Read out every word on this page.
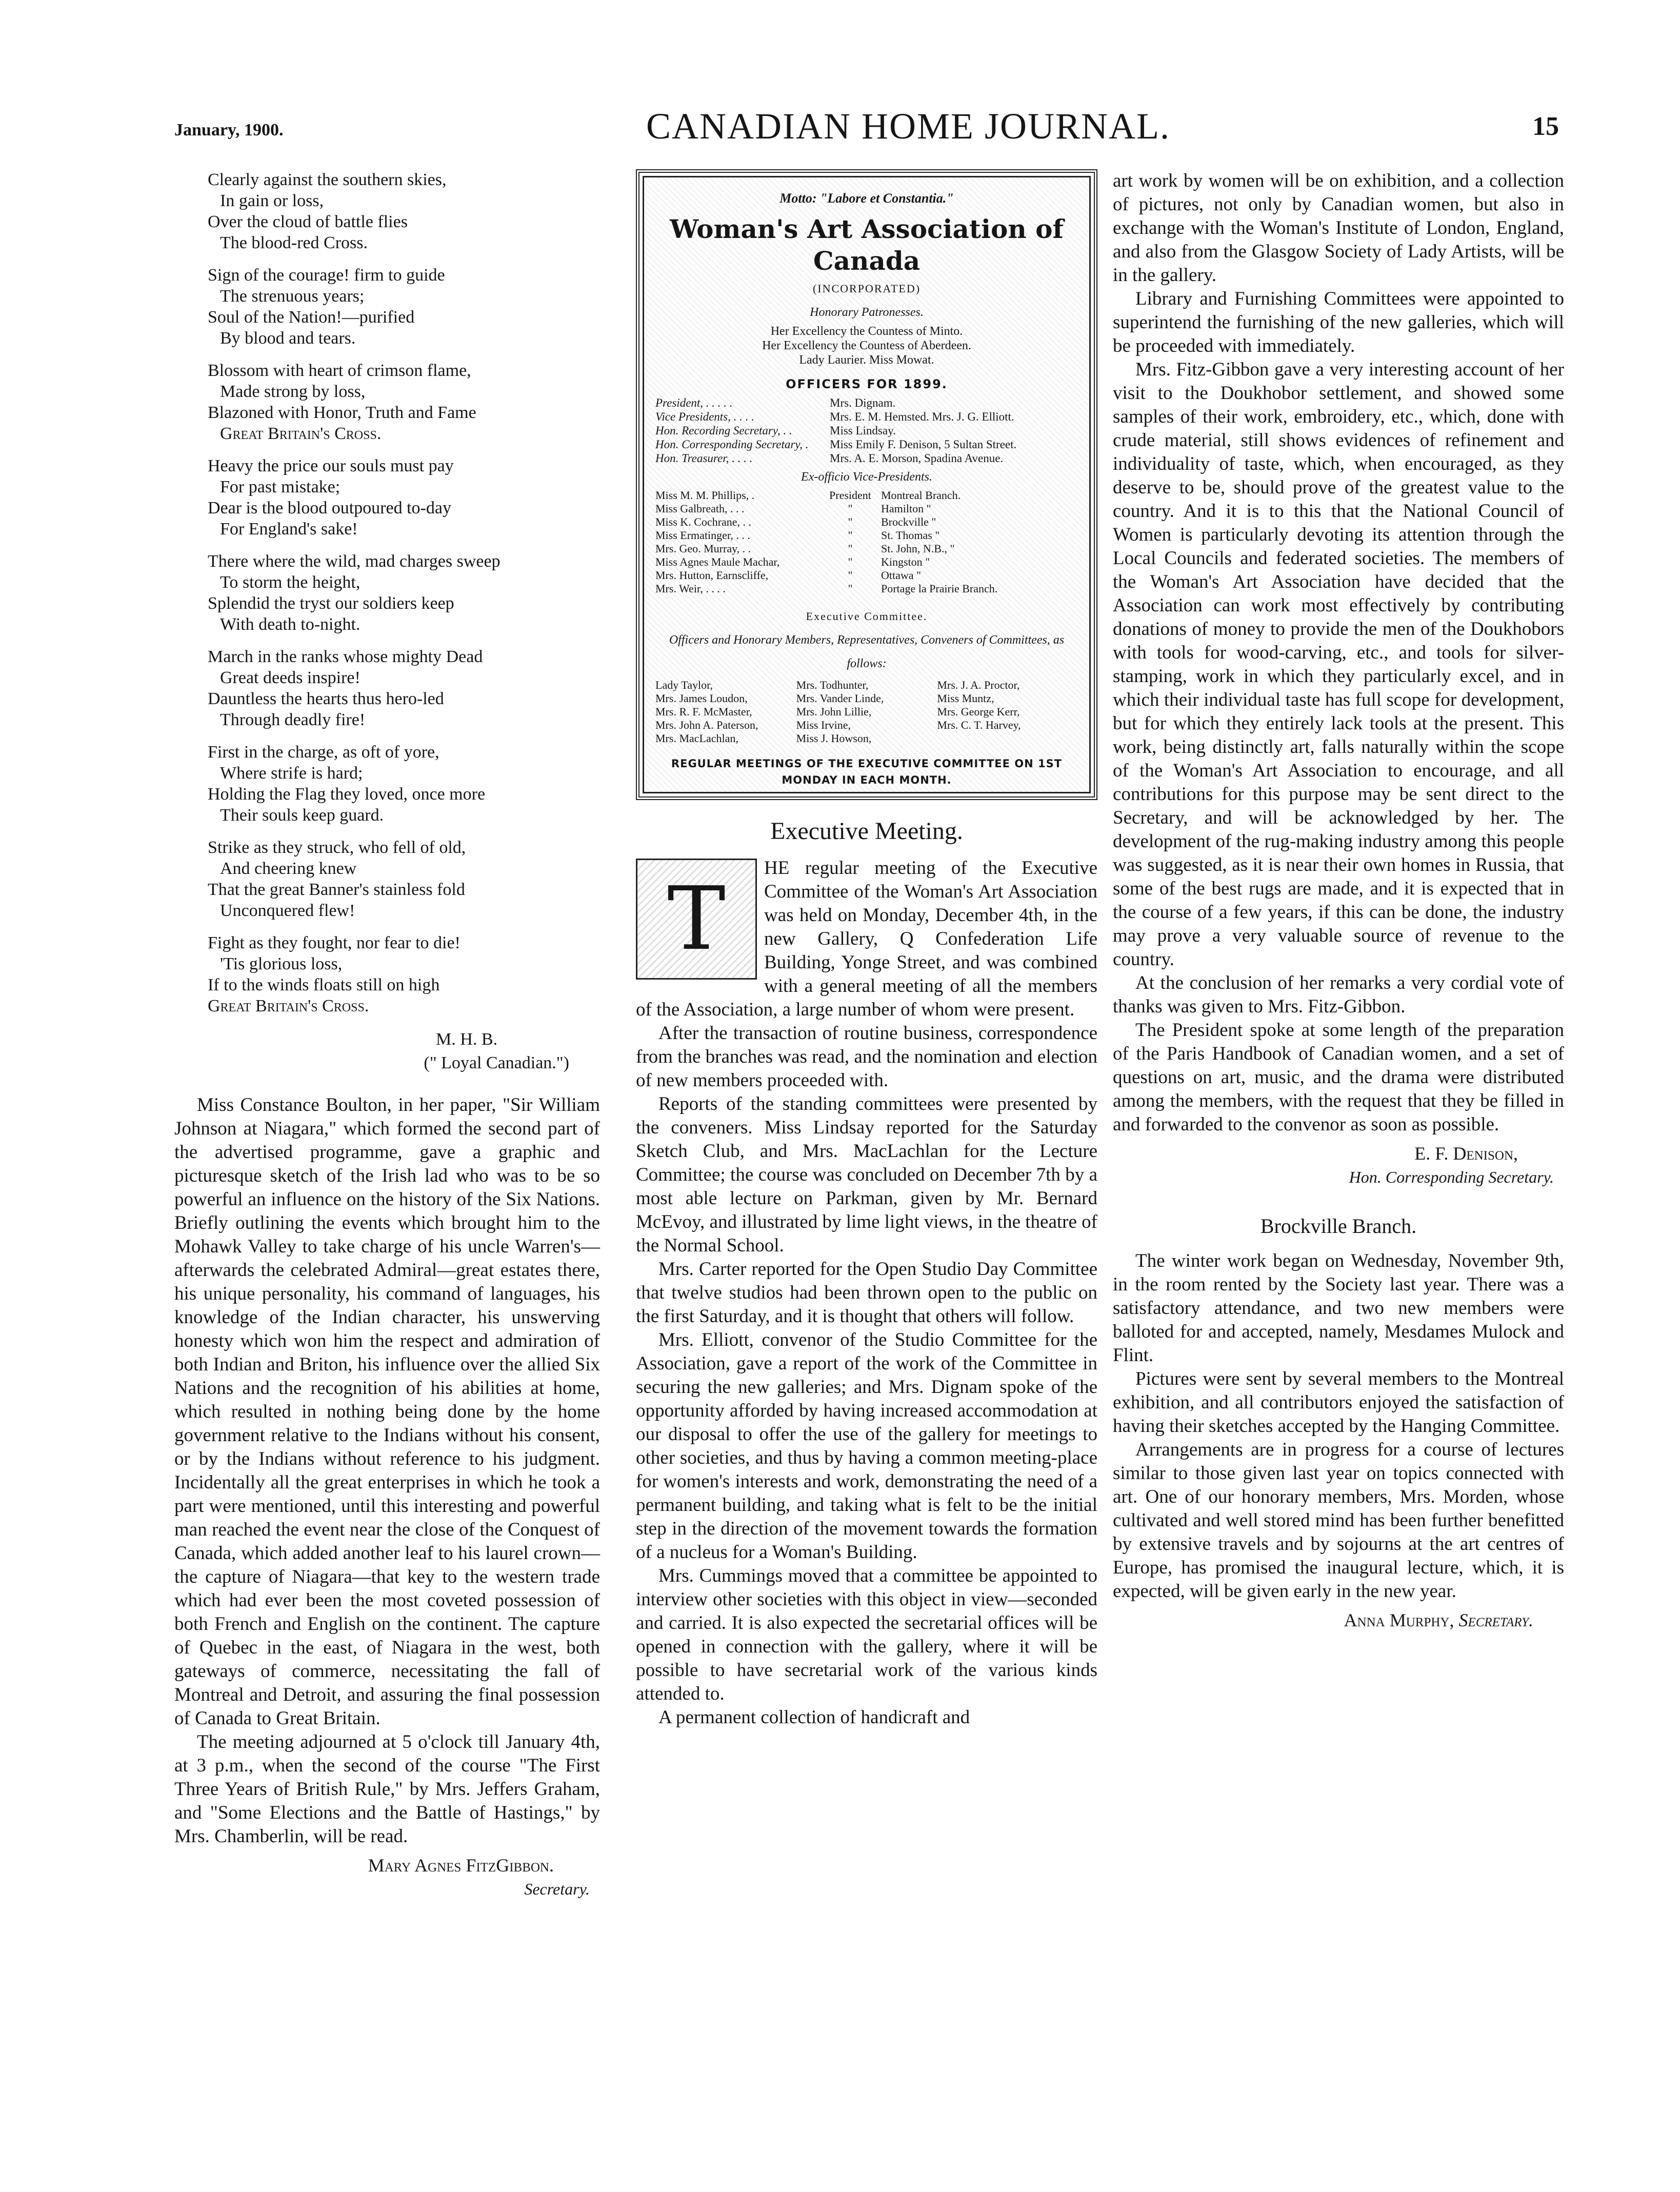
January, 1900.	CANADIAN HOME JOURNAL.	15
Clearly against the southern skies,
In gain or loss,
Over the cloud of battle flies
The blood-red Cross.
Sign of the courage! firm to guide
The strenuous years;
Soul of the Nation!—purified
By blood and tears.
Blossom with heart of crimson flame,
Made strong by loss,
Blazoned with Honor, Truth and Fame
Great Britain's Cross.
Heavy the price our souls must pay
For past mistake;
Dear is the blood outpoured to-day
For England's sake!
There where the wild, mad charges sweep
To storm the height,
Splendid the tryst our soldiers keep
With death to-night.
March in the ranks whose mighty Dead
Great deeds inspire!
Dauntless the hearts thus hero-led
Through deadly fire!
First in the charge, as oft of yore,
Where strife is hard;
Holding the Flag they loved, once more
Their souls keep guard.
Strike as they struck, who fell of old,
And cheering knew
That the great Banner's stainless fold
Unconquered flew!
Fight as they fought, nor fear to die!
'Tis glorious loss,
If to the winds floats still on high
Great Britain's Cross.
M. H. B.
(" Loyal Canadian.")

Miss Constance Boulton, in her paper, "Sir William Johnson at Niagara," which formed the second part of the advertised programme, gave a graphic and picturesque sketch of the Irish lad who was to be so powerful an influence on the history of the Six Nations. Briefly outlining the events which brought him to the Mohawk Valley to take charge of his uncle Warren's—afterwards the celebrated Admiral—great estates there, his unique personality, his command of languages, his knowledge of the Indian character, his unswerving honesty which won him the respect and admiration of both Indian and Briton, his influence over the allied Six Nations and the recognition of his abilities at home, which resulted in nothing being done by the home government relative to the Indians without his consent, or by the Indians without reference to his judgment. Incidentally all the great enterprises in which he took a part were mentioned, until this interesting and powerful man reached the event near the close of the Conquest of Canada, which added another leaf to his laurel crown—the capture of Niagara—that key to the western trade which had ever been the most coveted possession of both French and English on the continent. The capture of Quebec in the east, of Niagara in the west, both gateways of commerce, necessitating the fall of Montreal and Detroit, and assuring the final possession of Canada to Great Britain.

The meeting adjourned at 5 o'clock till January 4th, at 3 p.m., when the second of the course "The First Three Years of British Rule," by Mrs. Jeffers Graham, and "Some Elections and the Battle of Hastings," by Mrs. Chamberlin, will be read.

Mary Agnes FitzGibbon.
Secretary.
Motto: "Labore et Constantia."
Woman's Art Association of Canada
(INCORPORATED)
Honorary Patronesses.
Her Excellency the Countess of Minto.
Her Excellency the Countess of Aberdeen.
Lady Laurier. Miss Mowat.
OFFICERS FOR 1899.
President, . . . . .	Mrs. Dignam.
Vice Presidents, . . . .	Mrs. E. M. Hemsted. Mrs. J. G. Elliott.
Hon. Recording Secretary, . .	Miss Lindsay.
Hon. Corresponding Secretary, .	Miss Emily F. Denison, 5 Sultan Street.
Hon. Treasurer, . . . .	Mrs. A. E. Morson, Spadina Avenue.
Ex-officio Vice-Presidents.
Miss M. M. Phillips, .	President Montreal Branch.
Miss Galbreath, . . .	"	Hamilton "
Miss K. Cochrane, . .	"	Brockville "
Miss Ermatinger, . . .	"	St. Thomas "
Mrs. Geo. Murray, . .	"	St. John, N.B., "
Miss Agnes Maule Machar,	"	Kingston "
Mrs. Hutton, Earnscliffe,	"	Ottawa "
Mrs. Weir, . . . .	"	Portage la Prairie Branch.
Executive Committee.
Officers and Honorary Members, Representatives, Conveners of Committees, as follows:
Lady Taylor,	Mrs. Todhunter,	Mrs. J. A. Proctor,
Mrs. James Loudon,	Mrs. Vander Linde,	Miss Muntz,
Mrs. R. F. McMaster,	Mrs. John Lillie,	Mrs. George Kerr,
Mrs. John A. Paterson,	Miss Irvine,	Mrs. C. T. Harvey,
Mrs. MacLachlan,	Miss J. Howson,
REGULAR MEETINGS OF THE EXECUTIVE COMMITTEE ON 1ST MONDAY IN EACH MONTH.
Executive Meeting.
T

HE regular meeting of the Executive Committee of the Woman's Art Association was held on Monday, December 4th, in the new Gallery, Q Confederation Life Building, Yonge Street, and was combined with a general meeting of all the members of the Association, a large number of whom were present.

After the transaction of routine business, correspondence from the branches was read, and the nomination and election of new members proceeded with.

Reports of the standing committees were presented by the conveners. Miss Lindsay reported for the Saturday Sketch Club, and Mrs. MacLachlan for the Lecture Committee; the course was concluded on December 7th by a most able lecture on Parkman, given by Mr. Bernard McEvoy, and illustrated by lime light views, in the theatre of the Normal School.

Mrs. Carter reported for the Open Studio Day Committee that twelve studios had been thrown open to the public on the first Saturday, and it is thought that others will follow.

Mrs. Elliott, convenor of the Studio Committee for the Association, gave a report of the work of the Committee in securing the new galleries; and Mrs. Dignam spoke of the opportunity afforded by having increased accommodation at our disposal to offer the use of the gallery for meetings to other societies, and thus by having a common meeting-place for women's interests and work, demonstrating the need of a permanent building, and taking what is felt to be the initial step in the direction of the movement towards the formation of a nucleus for a Woman's Building.

Mrs. Cummings moved that a committee be appointed to interview other societies with this object in view—seconded and carried. It is also expected the secretarial offices will be opened in connection with the gallery, where it will be possible to have secretarial work of the various kinds attended to.

A permanent collection of handicraft and

art work by women will be on exhibition, and a collection of pictures, not only by Canadian women, but also in exchange with the Woman's Institute of London, England, and also from the Glasgow Society of Lady Artists, will be in the gallery.

Library and Furnishing Committees were appointed to superintend the furnishing of the new galleries, which will be proceeded with immediately.

Mrs. Fitz-Gibbon gave a very interesting account of her visit to the Doukhobor settlement, and showed some samples of their work, embroidery, etc., which, done with crude material, still shows evidences of refinement and individuality of taste, which, when encouraged, as they deserve to be, should prove of the greatest value to the country. And it is to this that the National Council of Women is particularly devoting its attention through the Local Councils and federated societies. The members of the Woman's Art Association have decided that the Association can work most effectively by contributing donations of money to provide the men of the Doukhobors with tools for wood-carving, etc., and tools for silver-stamping, work in which they particularly excel, and in which their individual taste has full scope for development, but for which they entirely lack tools at the present. This work, being distinctly art, falls naturally within the scope of the Woman's Art Association to encourage, and all contributions for this purpose may be sent direct to the Secretary, and will be acknowledged by her. The development of the rug-making industry among this people was suggested, as it is near their own homes in Russia, that some of the best rugs are made, and it is expected that in the course of a few years, if this can be done, the industry may prove a very valuable source of revenue to the country.

At the conclusion of her remarks a very cordial vote of thanks was given to Mrs. Fitz-Gibbon.

The President spoke at some length of the preparation of the Paris Handbook of Canadian women, and a set of questions on art, music, and the drama were distributed among the members, with the request that they be filled in and forwarded to the convenor as soon as possible.

E. F. Denison,
Hon. Corresponding Secretary.
Brockville Branch.

The winter work began on Wednesday, November 9th, in the room rented by the Society last year. There was a satisfactory attendance, and two new members were balloted for and accepted, namely, Mesdames Mulock and Flint.

Pictures were sent by several members to the Montreal exhibition, and all contributors enjoyed the satisfaction of having their sketches accepted by the Hanging Committee.

Arrangements are in progress for a course of lectures similar to those given last year on topics connected with art. One of our honorary members, Mrs. Morden, whose cultivated and well stored mind has been further benefitted by extensive travels and by sojourns at the art centres of Europe, has promised the inaugural lecture, which, it is expected, will be given early in the new year.

Anna Murphy, Secretary.
